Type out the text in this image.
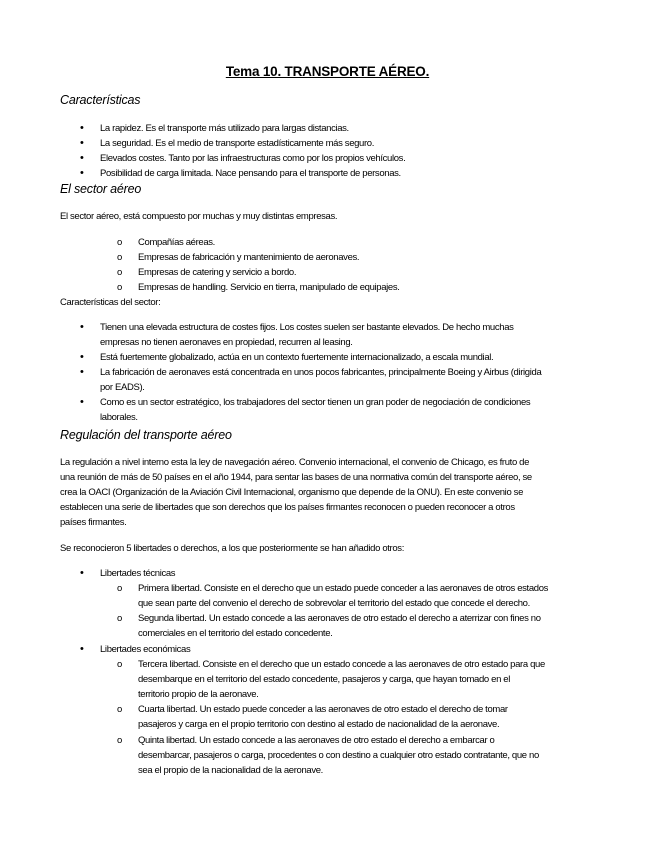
Tema 10. TRANSPORTE AÉREO.
Características
• La rapidez. Es el transporte más utilizado para largas distancias.
• La seguridad. Es el medio de transporte estadísticamente más seguro.
• Elevados costes. Tanto por las infraestructuras como por los propios vehículos.
• Posibilidad de carga limitada. Nace pensando para el transporte de personas.
El sector aéreo
El sector aéreo, está compuesto por muchas y muy distintas empresas.
o Compañías aéreas.
o Empresas de fabricación y mantenimiento de aeronaves.
o Empresas de catering y servicio a bordo.
o Empresas de handling. Servicio en tierra, manipulado de equipajes.
Características del sector:
• Tienen una elevada estructura de costes fijos. Los costes suelen ser bastante elevados. De hecho muchas
empresas no tienen aeronaves en propiedad, recurren al leasing.
• Está fuertemente globalizado, actúa en un contexto fuertemente internacionalizado, a escala mundial.
• La fabricación de aeronaves está concentrada en unos pocos fabricantes, principalmente Boeing y Airbus (dirigida
por EADS).
• Como es un sector estratégico, los trabajadores del sector tienen un gran poder de negociación de condiciones
laborales.
Regulación del transporte aéreo
La regulación a nivel interno esta la ley de navegación aéreo. Convenio internacional, el convenio de Chicago, es fruto de
una reunión de más de 50 países en el año 1944, para sentar las bases de una normativa común del transporte aéreo, se
crea la OACI (Organización de la Aviación Civil Internacional, organismo que depende de la ONU). En este convenio se
establecen una serie de libertades que son derechos que los países firmantes reconocen o pueden reconocer a otros
países firmantes.
Se reconocieron 5 libertades o derechos, a los que posteriormente se han añadido otros:
• Libertades técnicas
o Primera libertad. Consiste en el derecho que un estado puede conceder a las aeronaves de otros estados
que sean parte del convenio el derecho de sobrevolar el territorio del estado que concede el derecho.
o Segunda libertad. Un estado concede a las aeronaves de otro estado el derecho a aterrizar con fines no
comerciales en el territorio del estado concedente.
• Libertades económicas
o Tercera libertad. Consiste en el derecho que un estado concede a las aeronaves de otro estado para que
desembarque en el territorio del estado concedente, pasajeros y carga, que hayan tomado en el
territorio propio de la aeronave.
o Cuarta libertad. Un estado puede conceder a las aeronaves de otro estado el derecho de tomar
pasajeros y carga en el propio territorio con destino al estado de nacionalidad de la aeronave.
o Quinta libertad. Un estado concede a las aeronaves de otro estado el derecho a embarcar o
desembarcar, pasajeros o carga, procedentes o con destino a cualquier otro estado contratante, que no
sea el propio de la nacionalidad de la aeronave.
